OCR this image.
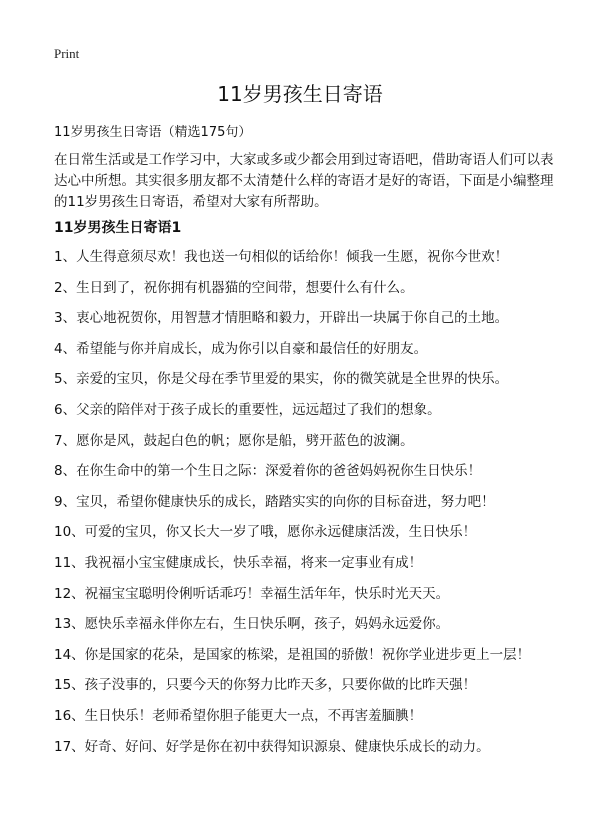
Print
11岁男孩生日寄语
11岁男孩生日寄语（精选175句）

在日常生活或是工作学习中，大家或多或少都会用到过寄语吧，借助寄语人们可以表达心中所想。其实很多朋友都不太清楚什么样的寄语才是好的寄语，下面是小编整理的11岁男孩生日寄语，希望对大家有所帮助。

11岁男孩生日寄语1
1、人生得意须尽欢！我也送一句相似的话给你！倾我一生愿，祝你今世欢！
2、生日到了，祝你拥有机器猫的空间带，想要什么有什么。
3、衷心地祝贺你，用智慧才情胆略和毅力，开辟出一块属于你自己的土地。
4、希望能与你并肩成长，成为你引以自豪和最信任的好朋友。
5、亲爱的宝贝，你是父母在季节里爱的果实，你的微笑就是全世界的快乐。
6、父亲的陪伴对于孩子成长的重要性，远远超过了我们的想象。
7、愿你是风，鼓起白色的帆；愿你是船，劈开蓝色的波澜。
8、在你生命中的第一个生日之际：深爱着你的爸爸妈妈祝你生日快乐！
9、宝贝，希望你健康快乐的成长，踏踏实实的向你的目标奋进，努力吧！
10、可爱的宝贝，你又长大一岁了哦，愿你永远健康活泼，生日快乐！
11、我祝福小宝宝健康成长，快乐幸福，将来一定事业有成！
12、祝福宝宝聪明伶俐听话乖巧！幸福生活年年，快乐时光天天。
13、愿快乐幸福永伴你左右，生日快乐啊，孩子，妈妈永远爱你。
14、你是国家的花朵，是国家的栋梁，是祖国的骄傲！祝你学业进步更上一层！
15、孩子没事的，只要今天的你努力比昨天多，只要你做的比昨天强！
16、生日快乐！老师希望你胆子能更大一点，不再害羞腼腆！
17、好奇、好问、好学是你在初中获得知识源泉、健康快乐成长的动力。
